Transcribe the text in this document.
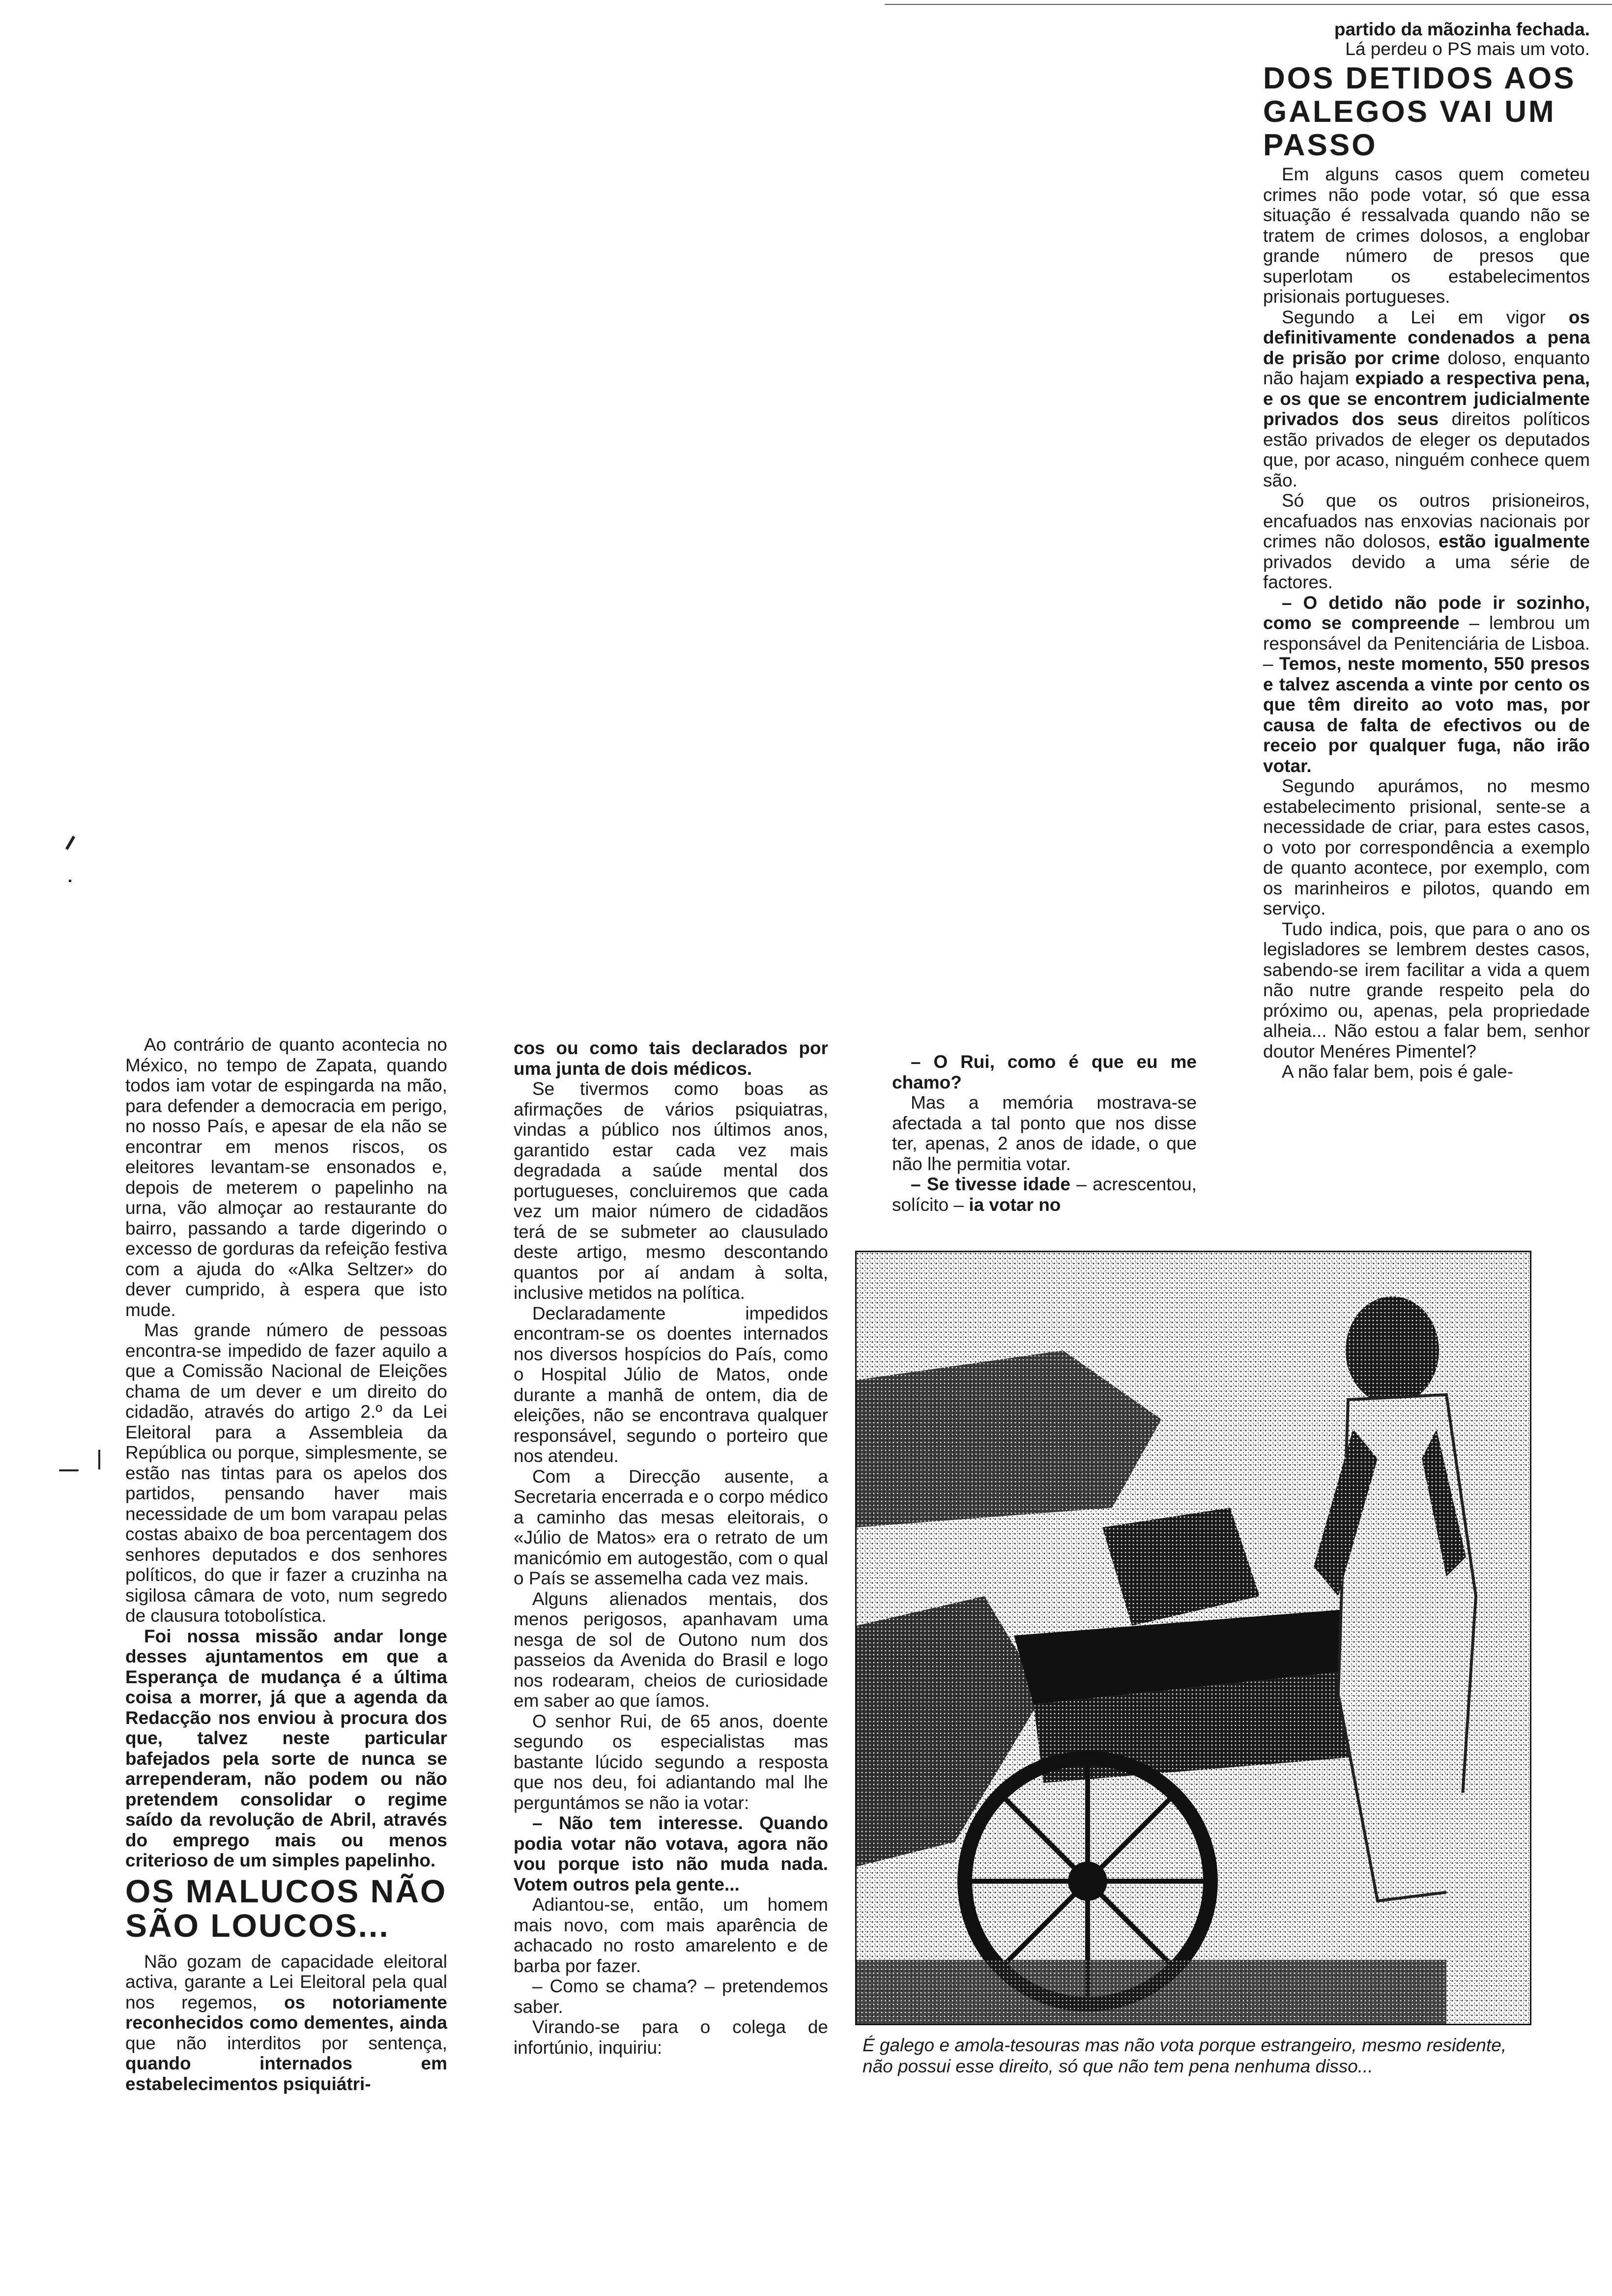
partido da mãozinha fechada.

Lá perdeu o PS mais um voto.

DOS DETIDOS AOS GALEGOS VAI UM PASSO

Em alguns casos quem cometeu crimes não pode votar, só que essa situação é ressalvada quando não se tratem de crimes dolosos, a englobar grande número de presos que superlotam os estabelecimentos prisionais portugueses.

Segundo a Lei em vigor os definitivamente condenados a pena de prisão por crime doloso, enquanto não hajam expiado a respectiva pena, e os que se encontrem judicialmente privados dos seus direitos políticos estão privados de eleger os deputados que, por acaso, ninguém conhece quem são.

Só que os outros prisioneiros, encafuados nas enxovias nacionais por crimes não dolosos, estão igualmente privados devido a uma série de factores.

– O detido não pode ir sozinho, como se compreende – lembrou um responsável da Penitenciária de Lisboa. – Temos, neste momento, 550 presos e talvez ascenda a vinte por cento os que têm direito ao voto mas, por causa de falta de efectivos ou de receio por qualquer fuga, não irão votar.

Segundo apurámos, no mesmo estabelecimento prisional, sente-se a necessidade de criar, para estes casos, o voto por correspondência a exemplo de quanto acontece, por exemplo, com os marinheiros e pilotos, quando em serviço.

Tudo indica, pois, que para o ano os legisladores se lembrem destes casos, sabendo-se irem facilitar a vida a quem não nutre grande respeito pela do próximo ou, apenas, pela propriedade alheia... Não estou a falar bem, senhor doutor Menéres Pimentel?

A não falar bem, pois é gale-

Ao contrário de quanto acontecia no México, no tempo de Zapata, quando todos iam votar de espingarda na mão, para defender a democracia em perigo, no nosso País, e apesar de ela não se encontrar em menos riscos, os eleitores levantam-se ensonados e, depois de meterem o papelinho na urna, vão almoçar ao restaurante do bairro, passando a tarde digerindo o excesso de gorduras da refeição festiva com a ajuda do «Alka Seltzer» do dever cumprido, à espera que isto mude.

Mas grande número de pessoas encontra-se impedido de fazer aquilo a que a Comissão Nacional de Eleições chama de um dever e um direito do cidadão, através do artigo 2.º da Lei Eleitoral para a Assembleia da República ou porque, simplesmente, se estão nas tintas para os apelos dos partidos, pensando haver mais necessidade de um bom varapau pelas costas abaixo de boa percentagem dos senhores deputados e dos senhores políticos, do que ir fazer a cruzinha na sigilosa câmara de voto, num segredo de clausura totobolística.

Foi nossa missão andar longe desses ajuntamentos em que a Esperança de mudança é a última coisa a morrer, já que a agenda da Redacção nos enviou à procura dos que, talvez neste particular bafejados pela sorte de nunca se arrependeram, não podem ou não pretendem consolidar o regime saído da revolução de Abril, através do emprego mais ou menos criterioso de um simples papelinho.

OS MALUCOS NÃO SÃO LOUCOS...

Não gozam de capacidade eleitoral activa, garante a Lei Eleitoral pela qual nos regemos, os notoriamente reconhecidos como dementes, ainda que não interditos por sentença, quando internados em estabelecimentos psiquiátri-

cos ou como tais declarados por uma junta de dois médicos.

Se tivermos como boas as afirmações de vários psiquiatras, vindas a público nos últimos anos, garantido estar cada vez mais degradada a saúde mental dos portugueses, concluiremos que cada vez um maior número de cidadãos terá de se submeter ao clausulado deste artigo, mesmo descontando quantos por aí andam à solta, inclusive metidos na política.

Declaradamente impedidos encontram-se os doentes internados nos diversos hospícios do País, como o Hospital Júlio de Matos, onde durante a manhã de ontem, dia de eleições, não se encontrava qualquer responsável, segundo o porteiro que nos atendeu.

Com a Direcção ausente, a Secretaria encerrada e o corpo médico a caminho das mesas eleitorais, o «Júlio de Matos» era o retrato de um manicómio em autogestão, com o qual o País se assemelha cada vez mais.

Alguns alienados mentais, dos menos perigosos, apanhavam uma nesga de sol de Outono num dos passeios da Avenida do Brasil e logo nos rodearam, cheios de curiosidade em saber ao que íamos.

O senhor Rui, de 65 anos, doente segundo os especialistas mas bastante lúcido segundo a resposta que nos deu, foi adiantando mal lhe perguntámos se não ia votar:

– Não tem interesse. Quando podia votar não votava, agora não vou porque isto não muda nada. Votem outros pela gente...

Adiantou-se, então, um homem mais novo, com mais aparência de achacado no rosto amarelento e de barba por fazer.

– Como se chama? – pretendemos saber.

Virando-se para o colega de infortúnio, inquiriu:

– O Rui, como é que eu me chamo?

Mas a memória mostrava-se afectada a tal ponto que nos disse ter, apenas, 2 anos de idade, o que não lhe permitia votar.

– Se tivesse idade – acrescentou, solícito – ia votar no

É galego e amola-tesouras mas não vota porque estrangeiro, mesmo residente, não possui esse direito, só que não tem pena nenhuma disso...
